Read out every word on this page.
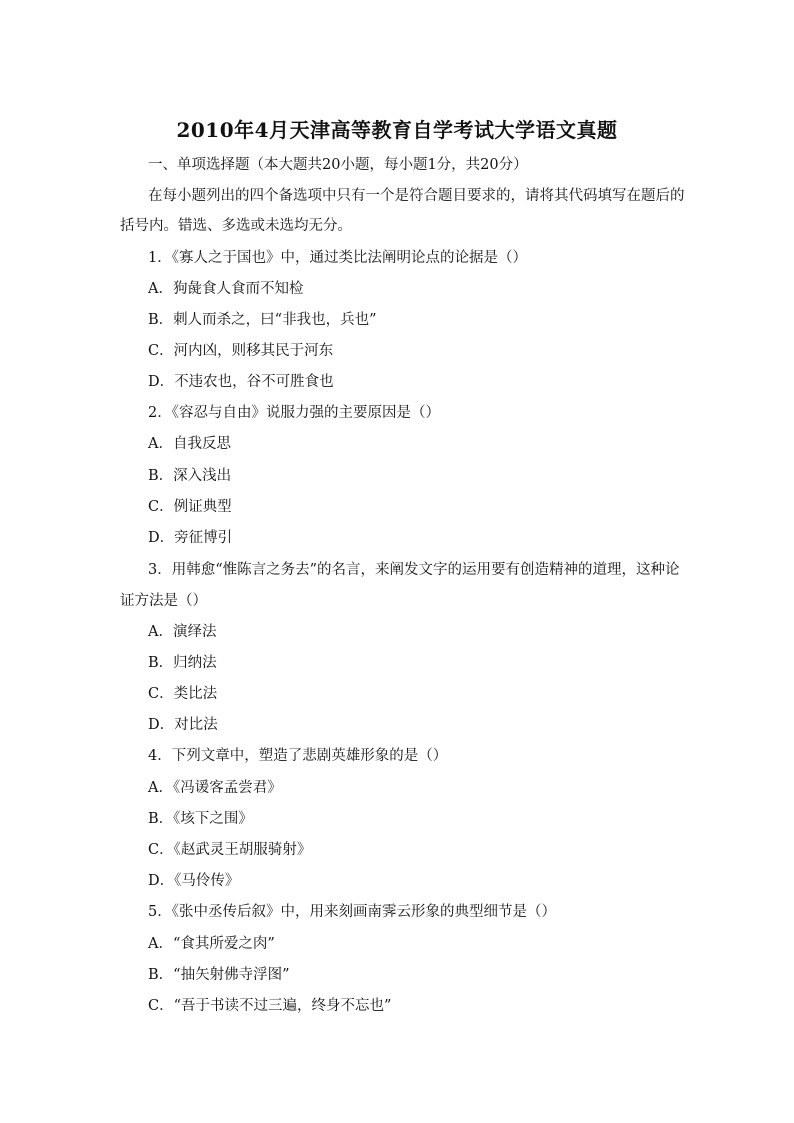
2010年4月天津高等教育自学考试大学语文真题
一、单项选择题（本大题共20小题，每小题1分，共20分）
在每小题列出的四个备选项中只有一个是符合题目要求的，请将其代码填写在题后的
括号内。错选、多选或未选均无分。
1．《寡人之于国也》中，通过类比法阐明论点的论据是（）
A．狗彘食人食而不知检
B．刺人而杀之，曰“非我也，兵也”
C．河内凶，则移其民于河东
D．不违农也，谷不可胜食也
2．《容忍与自由》说服力强的主要原因是（）
A．自我反思
B．深入浅出
C．例证典型
D．旁征博引
3．用韩愈“惟陈言之务去”的名言，来阐发文字的运用要有创造精神的道理，这种论
证方法是（）
A．演绎法
B．归纳法
C．类比法
D．对比法
4．下列文章中，塑造了悲剧英雄形象的是（）
A．《冯谖客孟尝君》
B．《垓下之围》
C．《赵武灵王胡服骑射》
D．《马伶传》
5．《张中丞传后叙》中，用来刻画南霁云形象的典型细节是（）
A．“食其所爱之肉”
B．“抽矢射佛寺浮图”
C．“吾于书读不过三遍，终身不忘也”
